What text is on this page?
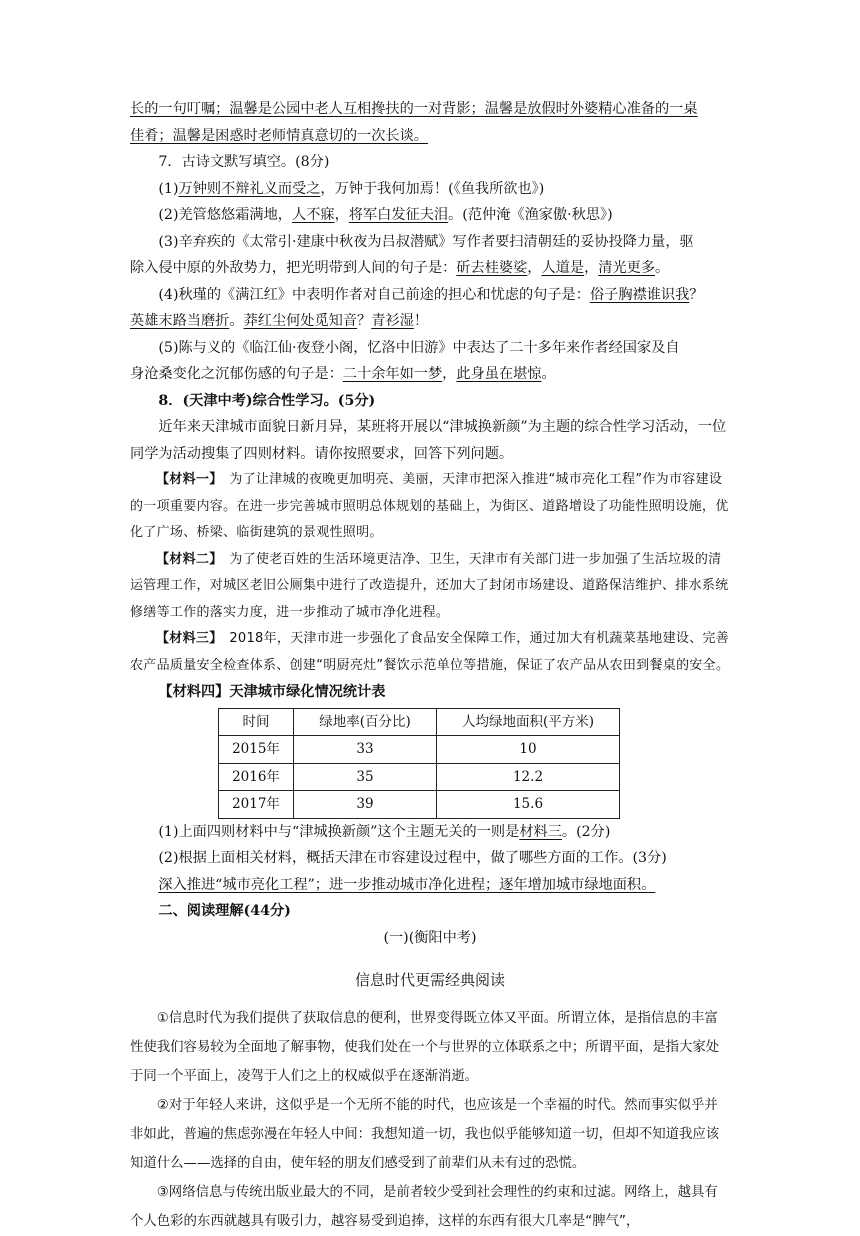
长的一句叮嘱；温馨是公园中老人互相搀扶的一对背影；温馨是放假时外婆精心准备的一桌

佳肴；温馨是困惑时老师情真意切的一次长谈。

7．古诗文默写填空。(8分)

(1)万钟则不辩礼义而受之，万钟于我何加焉！(《鱼我所欲也》)

(2)羌管悠悠霜满地，人不寐，将军白发征夫泪。(范仲淹《渔家傲·秋思》)

(3)辛弃疾的《太常引·建康中秋夜为吕叔潜赋》写作者要扫清朝廷的妥协投降力量，驱
除入侵中原的外敌势力，把光明带到人间的句子是：斫去桂婆娑，人道是，清光更多。

(4)秋瑾的《满江红》中表明作者对自己前途的担心和忧虑的句子是：俗子胸襟谁识我？
英雄末路当磨折。莽红尘何处觅知音？青衫湿！

(5)陈与义的《临江仙·夜登小阁，忆洛中旧游》中表达了二十多年来作者经国家及自
身沧桑变化之沉郁伤感的句子是：二十余年如一梦，此身虽在堪惊。

8．(天津中考)综合性学习。(5分)

近年来天津城市面貌日新月异，某班将开展以“津城换新颜”为主题的综合性学习活动，一位同学为活动搜集了四则材料。请你按照要求，回答下列问题。

【材料一】　为了让津城的夜晚更加明亮、美丽，天津市把深入推进“城市亮化工程”作为市容建设的一项重要内容。在进一步完善城市照明总体规划的基础上，为街区、道路增设了功能性照明设施，优化了广场、桥梁、临街建筑的景观性照明。

【材料二】　为了使老百姓的生活环境更洁净、卫生，天津市有关部门进一步加强了生活垃圾的清运管理工作，对城区老旧公厕集中进行了改造提升，还加大了封闭市场建设、道路保洁维护、排水系统修缮等工作的落实力度，进一步推动了城市净化进程。

【材料三】　2018年，天津市进一步强化了食品安全保障工作，通过加大有机蔬菜基地建设、完善农产品质量安全检查体系、创建“明厨亮灶”餐饮示范单位等措施，保证了农产品从农田到餐桌的安全。

【材料四】天津城市绿化情况统计表

时间	绿地率(百分比)	人均绿地面积(平方米)
2015年	33	10
2016年	35	12.2
2017年	39	15.6

(1)上面四则材料中与“津城换新颜”这个主题无关的一则是材料三。(2分)

(2)根据上面相关材料，概括天津在市容建设过程中，做了哪些方面的工作。(3分)

深入推进“城市亮化工程”；进一步推动城市净化进程；逐年增加城市绿地面积。

二、阅读理解(44分)

(一)(衡阳中考)

信息时代更需经典阅读

①信息时代为我们提供了获取信息的便利，世界变得既立体又平面。所谓立体，是指信息的丰富性使我们容易较为全面地了解事物，使我们处在一个与世界的立体联系之中；所谓平面，是指大家处于同一个平面上，凌驾于人们之上的权威似乎在逐渐消逝。

②对于年轻人来讲，这似乎是一个无所不能的时代，也应该是一个幸福的时代。然而事实似乎并非如此，普遍的焦虑弥漫在年轻人中间：我想知道一切，我也似乎能够知道一切，但却不知道我应该知道什么——选择的自由，使年轻的朋友们感受到了前辈们从未有过的恐慌。

③网络信息与传统出版业最大的不同，是前者较少受到社会理性的约束和过滤。网络上，越具有个人色彩的东西就越具有吸引力，越容易受到追捧，这样的东西有很大几率是“脾气”，
